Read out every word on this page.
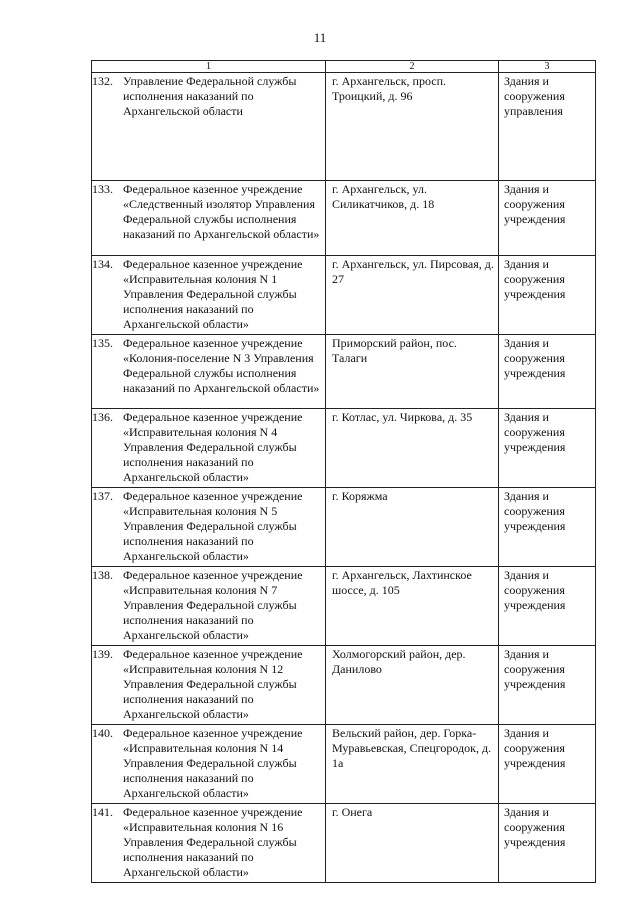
11
1	2	3
132. Управление Федеральной службы исполнения наказаний по Архангельской области	г. Архангельск, просп. Троицкий, д. 96	Здания и сооружения управления
133. Федеральное казенное учреждение «Следственный изолятор Управления Федеральной службы исполнения наказаний по Архангельской области»	г. Архангельск, ул. Силикатчиков, д. 18	Здания и сооружения учреждения
134. Федеральное казенное учреждение «Исправительная колония N 1 Управления Федеральной службы исполнения наказаний по Архангельской области»	г. Архангельск, ул. Пирсовая, д. 27	Здания и сооружения учреждения
135. Федеральное казенное учреждение «Колония-поселение N 3 Управления Федеральной службы исполнения наказаний по Архангельской области»	Приморский район, пос. Талаги	Здания и сооружения учреждения
136. Федеральное казенное учреждение «Исправительная колония N 4 Управления Федеральной службы исполнения наказаний по Архангельской области»	г. Котлас, ул. Чиркова, д. 35	Здания и сооружения учреждения
137. Федеральное казенное учреждение «Исправительная колония N 5 Управления Федеральной службы исполнения наказаний по Архангельской области»	г. Коряжма	Здания и сооружения учреждения
138. Федеральное казенное учреждение «Исправительная колония N 7 Управления Федеральной службы исполнения наказаний по Архангельской области»	г. Архангельск, Лахтинское шоссе, д. 105	Здания и сооружения учреждения
139. Федеральное казенное учреждение «Исправительная колония N 12 Управления Федеральной службы исполнения наказаний по Архангельской области»	Холмогорский район, дер. Данилово	Здания и сооружения учреждения
140. Федеральное казенное учреждение «Исправительная колония N 14 Управления Федеральной службы исполнения наказаний по Архангельской области»	Вельский район, дер. Горка-Муравьевская, Спецгородок, д. 1а	Здания и сооружения учреждения
141. Федеральное казенное учреждение «Исправительная колония N 16 Управления Федеральной службы исполнения наказаний по Архангельской области»	г. Онега	Здания и сооружения учреждения
